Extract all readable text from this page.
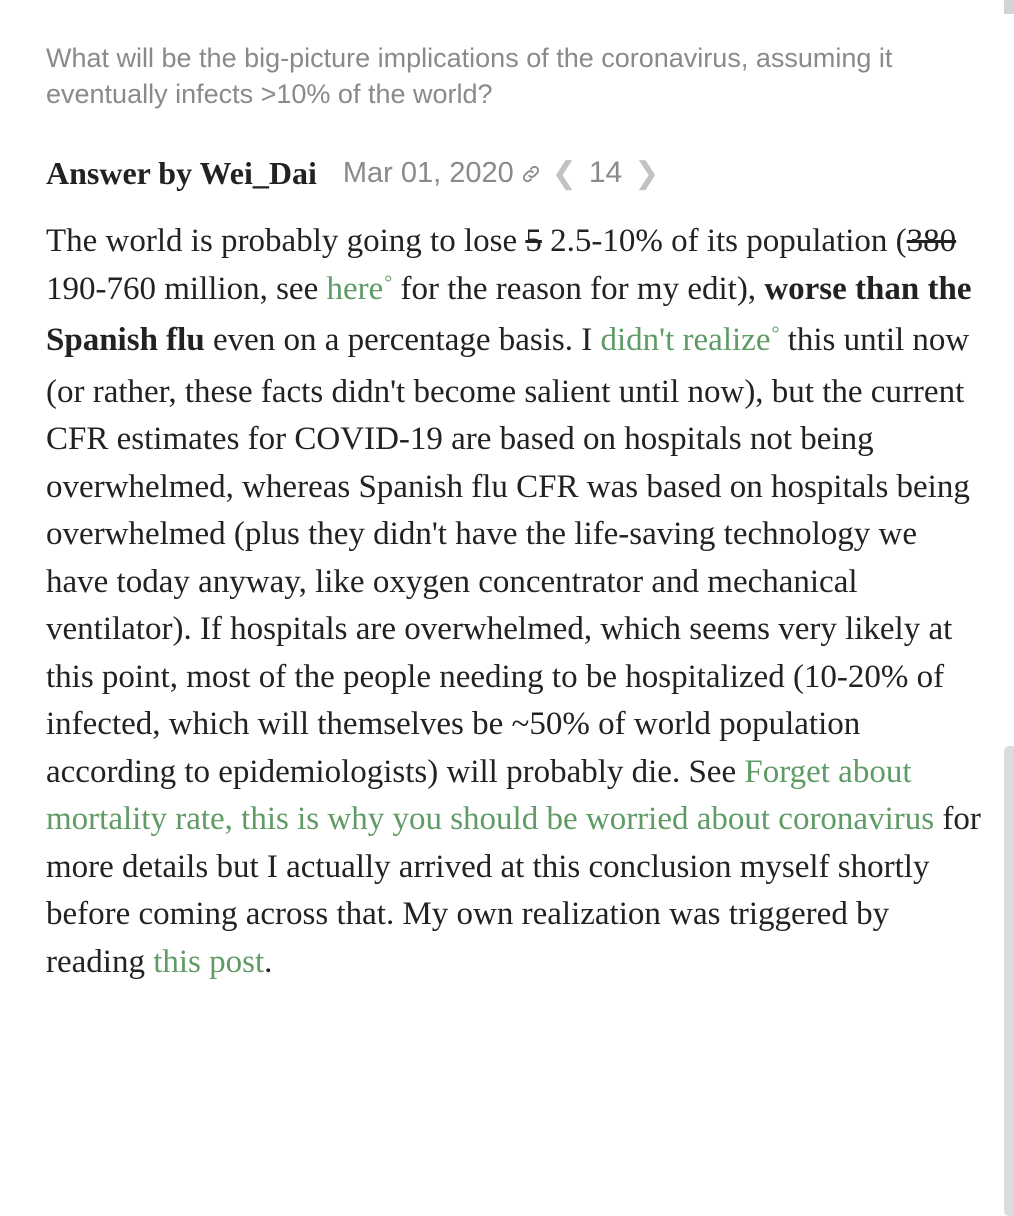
What will be the big-picture implications of the coronavirus, assuming it eventually infects >10% of the world?

Answer by Wei_Dai Mar 01, 2020 ❮ 14 ❯

The world is probably going to lose 5 2.5-10% of its population (380 190-760 million, see here° for the reason for my edit), worse than the Spanish flu even on a percentage basis. I didn't realize° this until now (or rather, these facts didn't become salient until now), but the current CFR estimates for COVID-19 are based on hospitals not being overwhelmed, whereas Spanish flu CFR was based on hospitals being overwhelmed (plus they didn't have the life-saving technology we have today anyway, like oxygen concentrator and mechanical ventilator). If hospitals are overwhelmed, which seems very likely at this point, most of the people needing to be hospitalized (10-20% of infected, which will themselves be ~50% of world population according to epidemiologists) will probably die. See Forget about mortality rate, this is why you should be worried about coronavirus for more details but I actually arrived at this conclusion myself shortly before coming across that. My own realization was triggered by reading this post.
